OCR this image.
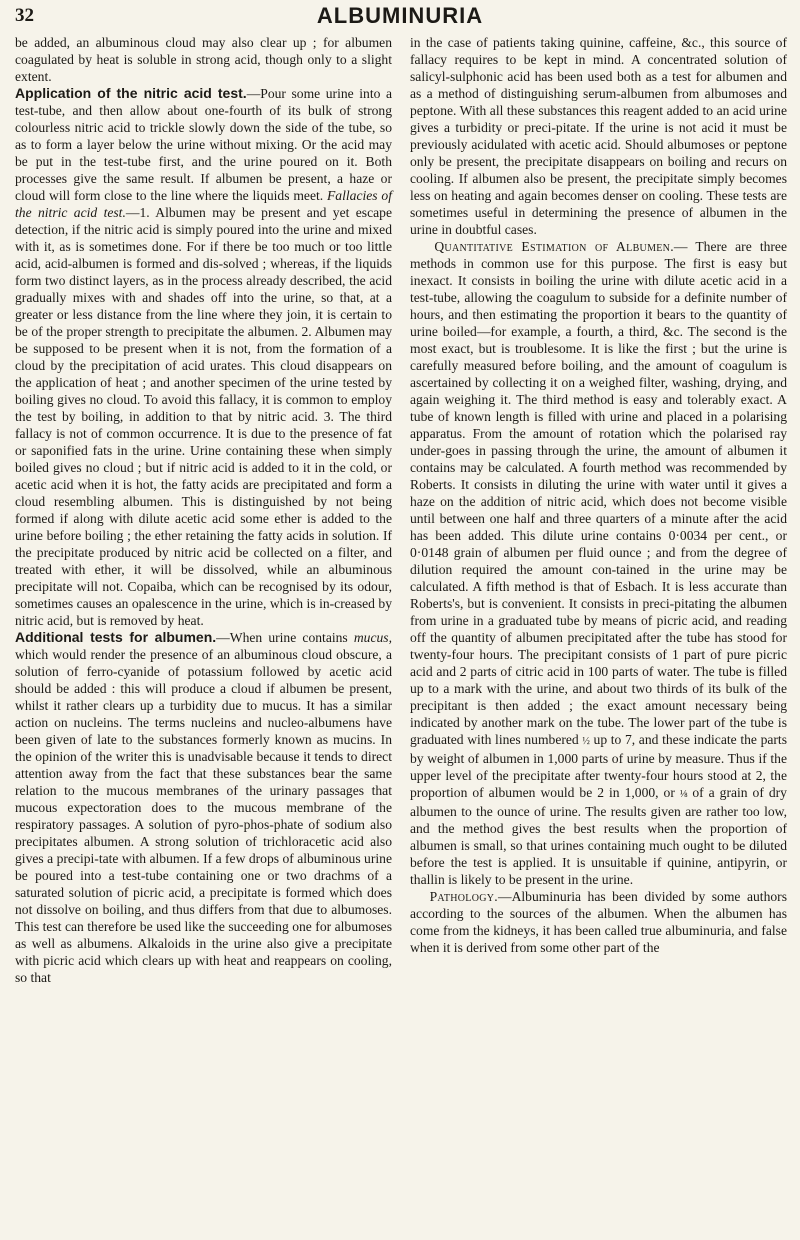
32	ALBUMINURIA

be added, an albuminous cloud may also clear up ; for albumen coagulated by heat is soluble in strong acid, though only to a slight extent.

Application of the nitric acid test.—Pour some urine into a test-tube, and then allow about one-fourth of its bulk of strong colourless nitric acid to trickle slowly down the side of the tube, so as to form a layer below the urine without mixing. Or the acid may be put in the test-tube first, and the urine poured on it. Both processes give the same result. If albumen be present, a haze or cloud will form close to the line where the liquids meet. Fallacies of the nitric acid test.—1. Albumen may be present and yet escape detection, if the nitric acid is simply poured into the urine and mixed with it, as is sometimes done. For if there be too much or too little acid, acid-albumen is formed and dis-solved ; whereas, if the liquids form two distinct layers, as in the process already described, the acid gradually mixes with and shades off into the urine, so that, at a greater or less distance from the line where they join, it is certain to be of the proper strength to precipitate the albumen. 2. Albumen may be supposed to be present when it is not, from the formation of a cloud by the precipitation of acid urates. This cloud disappears on the application of heat ; and another specimen of the urine tested by boiling gives no cloud. To avoid this fallacy, it is common to employ the test by boiling, in addition to that by nitric acid. 3. The third fallacy is not of common occurrence. It is due to the presence of fat or saponified fats in the urine. Urine containing these when simply boiled gives no cloud ; but if nitric acid is added to it in the cold, or acetic acid when it is hot, the fatty acids are precipitated and form a cloud resembling albumen. This is distinguished by not being formed if along with dilute acetic acid some ether is added to the urine before boiling ; the ether retaining the fatty acids in solution. If the precipitate produced by nitric acid be collected on a filter, and treated with ether, it will be dissolved, while an albuminous precipitate will not. Copaiba, which can be recognised by its odour, sometimes causes an opalescence in the urine, which is in-creased by nitric acid, but is removed by heat.

Additional tests for albumen.—When urine contains mucus, which would render the presence of an albuminous cloud obscure, a solution of ferro-cyanide of potassium followed by acetic acid should be added : this will produce a cloud if albumen be present, whilst it rather clears up a turbidity due to mucus. It has a similar action on nucleins. The terms nucleins and nucleo-albumens have been given of late to the substances formerly known as mucins. In the opinion of the writer this is unadvisable because it tends to direct attention away from the fact that these substances bear the same relation to the mucous membranes of the urinary passages that mucous expectoration does to the mucous membrane of the respiratory passages. A solution of pyro-phos-phate of sodium also precipitates albumen. A strong solution of trichloracetic acid also gives a precipi-tate with albumen. If a few drops of albuminous urine be poured into a test-tube containing one or two drachms of a saturated solution of picric acid, a precipitate is formed which does not dissolve on boiling, and thus differs from that due to albumoses. This test can therefore be used like the succeeding one for albumoses as well as albumens. Alkaloids in the urine also give a precipitate with picric acid which clears up with heat and reappears on cooling, so that

in the case of patients taking quinine, caffeine, &c., this source of fallacy requires to be kept in mind. A concentrated solution of salicyl-sulphonic acid has been used both as a test for albumen and as a method of distinguishing serum-albumen from albumoses and peptone. With all these substances this reagent added to an acid urine gives a turbidity or preci-pitate. If the urine is not acid it must be previously acidulated with acetic acid. Should albumoses or peptone only be present, the precipitate disappears on boiling and recurs on cooling. If albumen also be present, the precipitate simply becomes less on heating and again becomes denser on cooling. These tests are sometimes useful in determining the presence of albumen in the urine in doubtful cases.

Quantitative Estimation of Albumen.— There are three methods in common use for this purpose. The first is easy but inexact. It consists in boiling the urine with dilute acetic acid in a test-tube, allowing the coagulum to subside for a definite number of hours, and then estimating the proportion it bears to the quantity of urine boiled—for example, a fourth, a third, &c. The second is the most exact, but is troublesome. It is like the first ; but the urine is carefully measured before boiling, and the amount of coagulum is ascertained by collecting it on a weighed filter, washing, drying, and again weighing it. The third method is easy and tolerably exact. A tube of known length is filled with urine and placed in a polarising apparatus. From the amount of rotation which the polarised ray under-goes in passing through the urine, the amount of albumen it contains may be calculated. A fourth method was recommended by Roberts. It consists in diluting the urine with water until it gives a haze on the addition of nitric acid, which does not become visible until between one half and three quarters of a minute after the acid has been added. This dilute urine contains 0·0034 per cent., or 0·0148 grain of albumen per fluid ounce ; and from the degree of dilution required the amount con-tained in the urine may be calculated. A fifth method is that of Esbach. It is less accurate than Roberts's, but is convenient. It consists in preci-pitating the albumen from urine in a graduated tube by means of picric acid, and reading off the quantity of albumen precipitated after the tube has stood for twenty-four hours. The precipitant consists of 1 part of pure picric acid and 2 parts of citric acid in 100 parts of water. The tube is filled up to a mark with the urine, and about two thirds of its bulk of the precipitant is then added ; the exact amount necessary being indicated by another mark on the tube. The lower part of the tube is graduated with lines numbered ½ up to 7, and these indicate the parts by weight of albumen in 1,000 parts of urine by measure. Thus if the upper level of the precipitate after twenty-four hours stood at 2, the proportion of albumen would be 2 in 1,000, or ⅛ of a grain of dry albumen to the ounce of urine. The results given are rather too low, and the method gives the best results when the proportion of albumen is small, so that urines containing much ought to be diluted before the test is applied. It is unsuitable if quinine, antipyrin, or thallin is likely to be present in the urine.

Pathology.—Albuminuria has been divided by some authors according to the sources of the albumen. When the albumen has come from the kidneys, it has been called true albuminuria, and false when it is derived from some other part of the
